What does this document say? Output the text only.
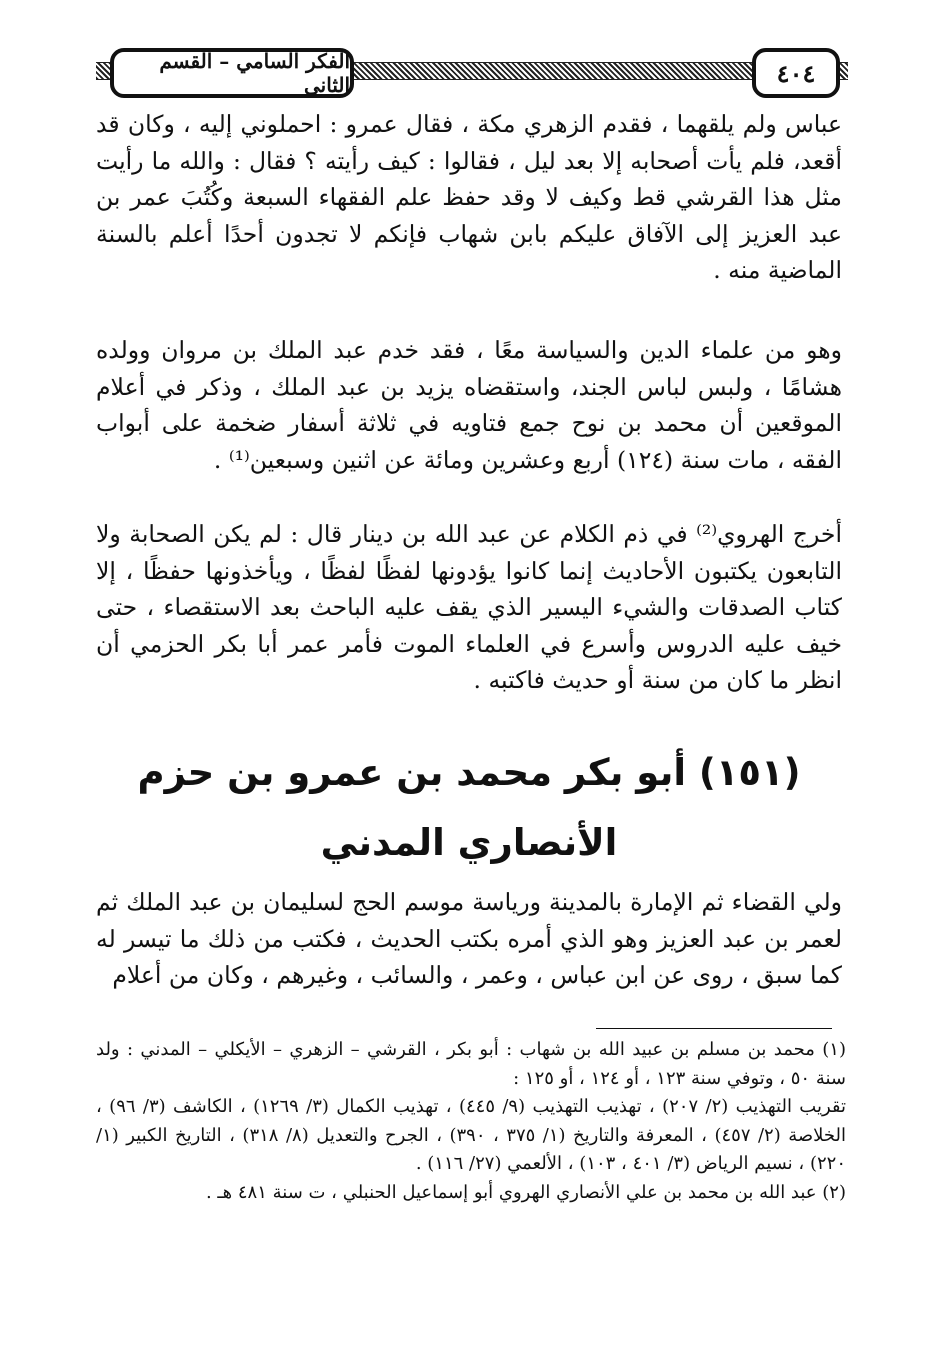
الفكر السامي – القسم الثاني	٤٠٤

عباس ولم يلقهما ، فقدم الزهري مكة ، فقال عمرو : احملوني إليه ، وكان قد أقعد، فلم يأت أصحابه إلا بعد ليل ، فقالوا : كيف رأيته ؟ فقال : والله ما رأيت مثل هذا القرشي قط وكيف لا وقد حفظ علم الفقهاء السبعة وكُتُبَ عمر بن عبد العزيز إلى الآفاق عليكم بابن شهاب فإنكم لا تجدون أحدًا أعلم بالسنة الماضية منه .

وهو من علماء الدين والسياسة معًا ، فقد خدم عبد الملك بن مروان وولده هشامًا ، ولبس لباس الجند، واستقضاه يزيد بن عبد الملك ، وذكر في أعلام الموقعين أن محمد بن نوح جمع فتاويه في ثلاثة أسفار ضخمة على أبواب الفقه ، مات سنة (١٢٤) أربع وعشرين ومائة عن اثنين وسبعين⁽¹⁾ .

أخرج الهروي⁽²⁾ في ذم الكلام عن عبد الله بن دينار قال : لم يكن الصحابة ولا التابعون يكتبون الأحاديث إنما كانوا يؤدونها لفظًا لفظًا ، ويأخذونها حفظًا ، إلا كتاب الصدقات والشيء اليسير الذي يقف عليه الباحث بعد الاستقصاء ، حتى خيف عليه الدروس وأسرع في العلماء الموت فأمر عمر أبا بكر الحزمي أن انظر ما كان من سنة أو حديث فاكتبه .

(١٥١) أبو بكر محمد بن عمرو بن حزم الأنصاري المدني

ولي القضاء ثم الإمارة بالمدينة ورياسة موسم الحج لسليمان بن عبد الملك ثم لعمر بن عبد العزيز وهو الذي أمره بكتب الحديث ، فكتب من ذلك ما تيسر له كما سبق ، روى عن ابن عباس ، وعمر ، والسائب ، وغيرهم ، وكان من أعلام

(١) محمد بن مسلم بن عبيد الله بن شهاب : أبو بكر ، القرشي – الزهري – الأيكلي – المدني : ولد سنة ٥٠ ، وتوفي سنة ١٢٣ ، أو ١٢٤ ، أو ١٢٥ :

تقريب التهذيب (٢/ ٢٠٧) ، تهذيب التهذيب (٩/ ٤٤٥) ، تهذيب الكمال (٣/ ١٢٦٩) ، الكاشف (٣/ ٩٦) ، الخلاصة (٢/ ٤٥٧) ، المعرفة والتاريخ (١/ ٣٧٥ ، ٣٩٠) ، الجرح والتعديل (٨/ ٣١٨) ، التاريخ الكبير (١/ ٢٢٠) ، نسيم الرياض (٣/ ٤٠١ ، ١٠٣) ، الألعمي (٢٧/ ١١٦) .

(٢) عبد الله بن محمد بن علي الأنصاري الهروي أبو إسماعيل الحنبلي ، ت سنة ٤٨١ هـ .
